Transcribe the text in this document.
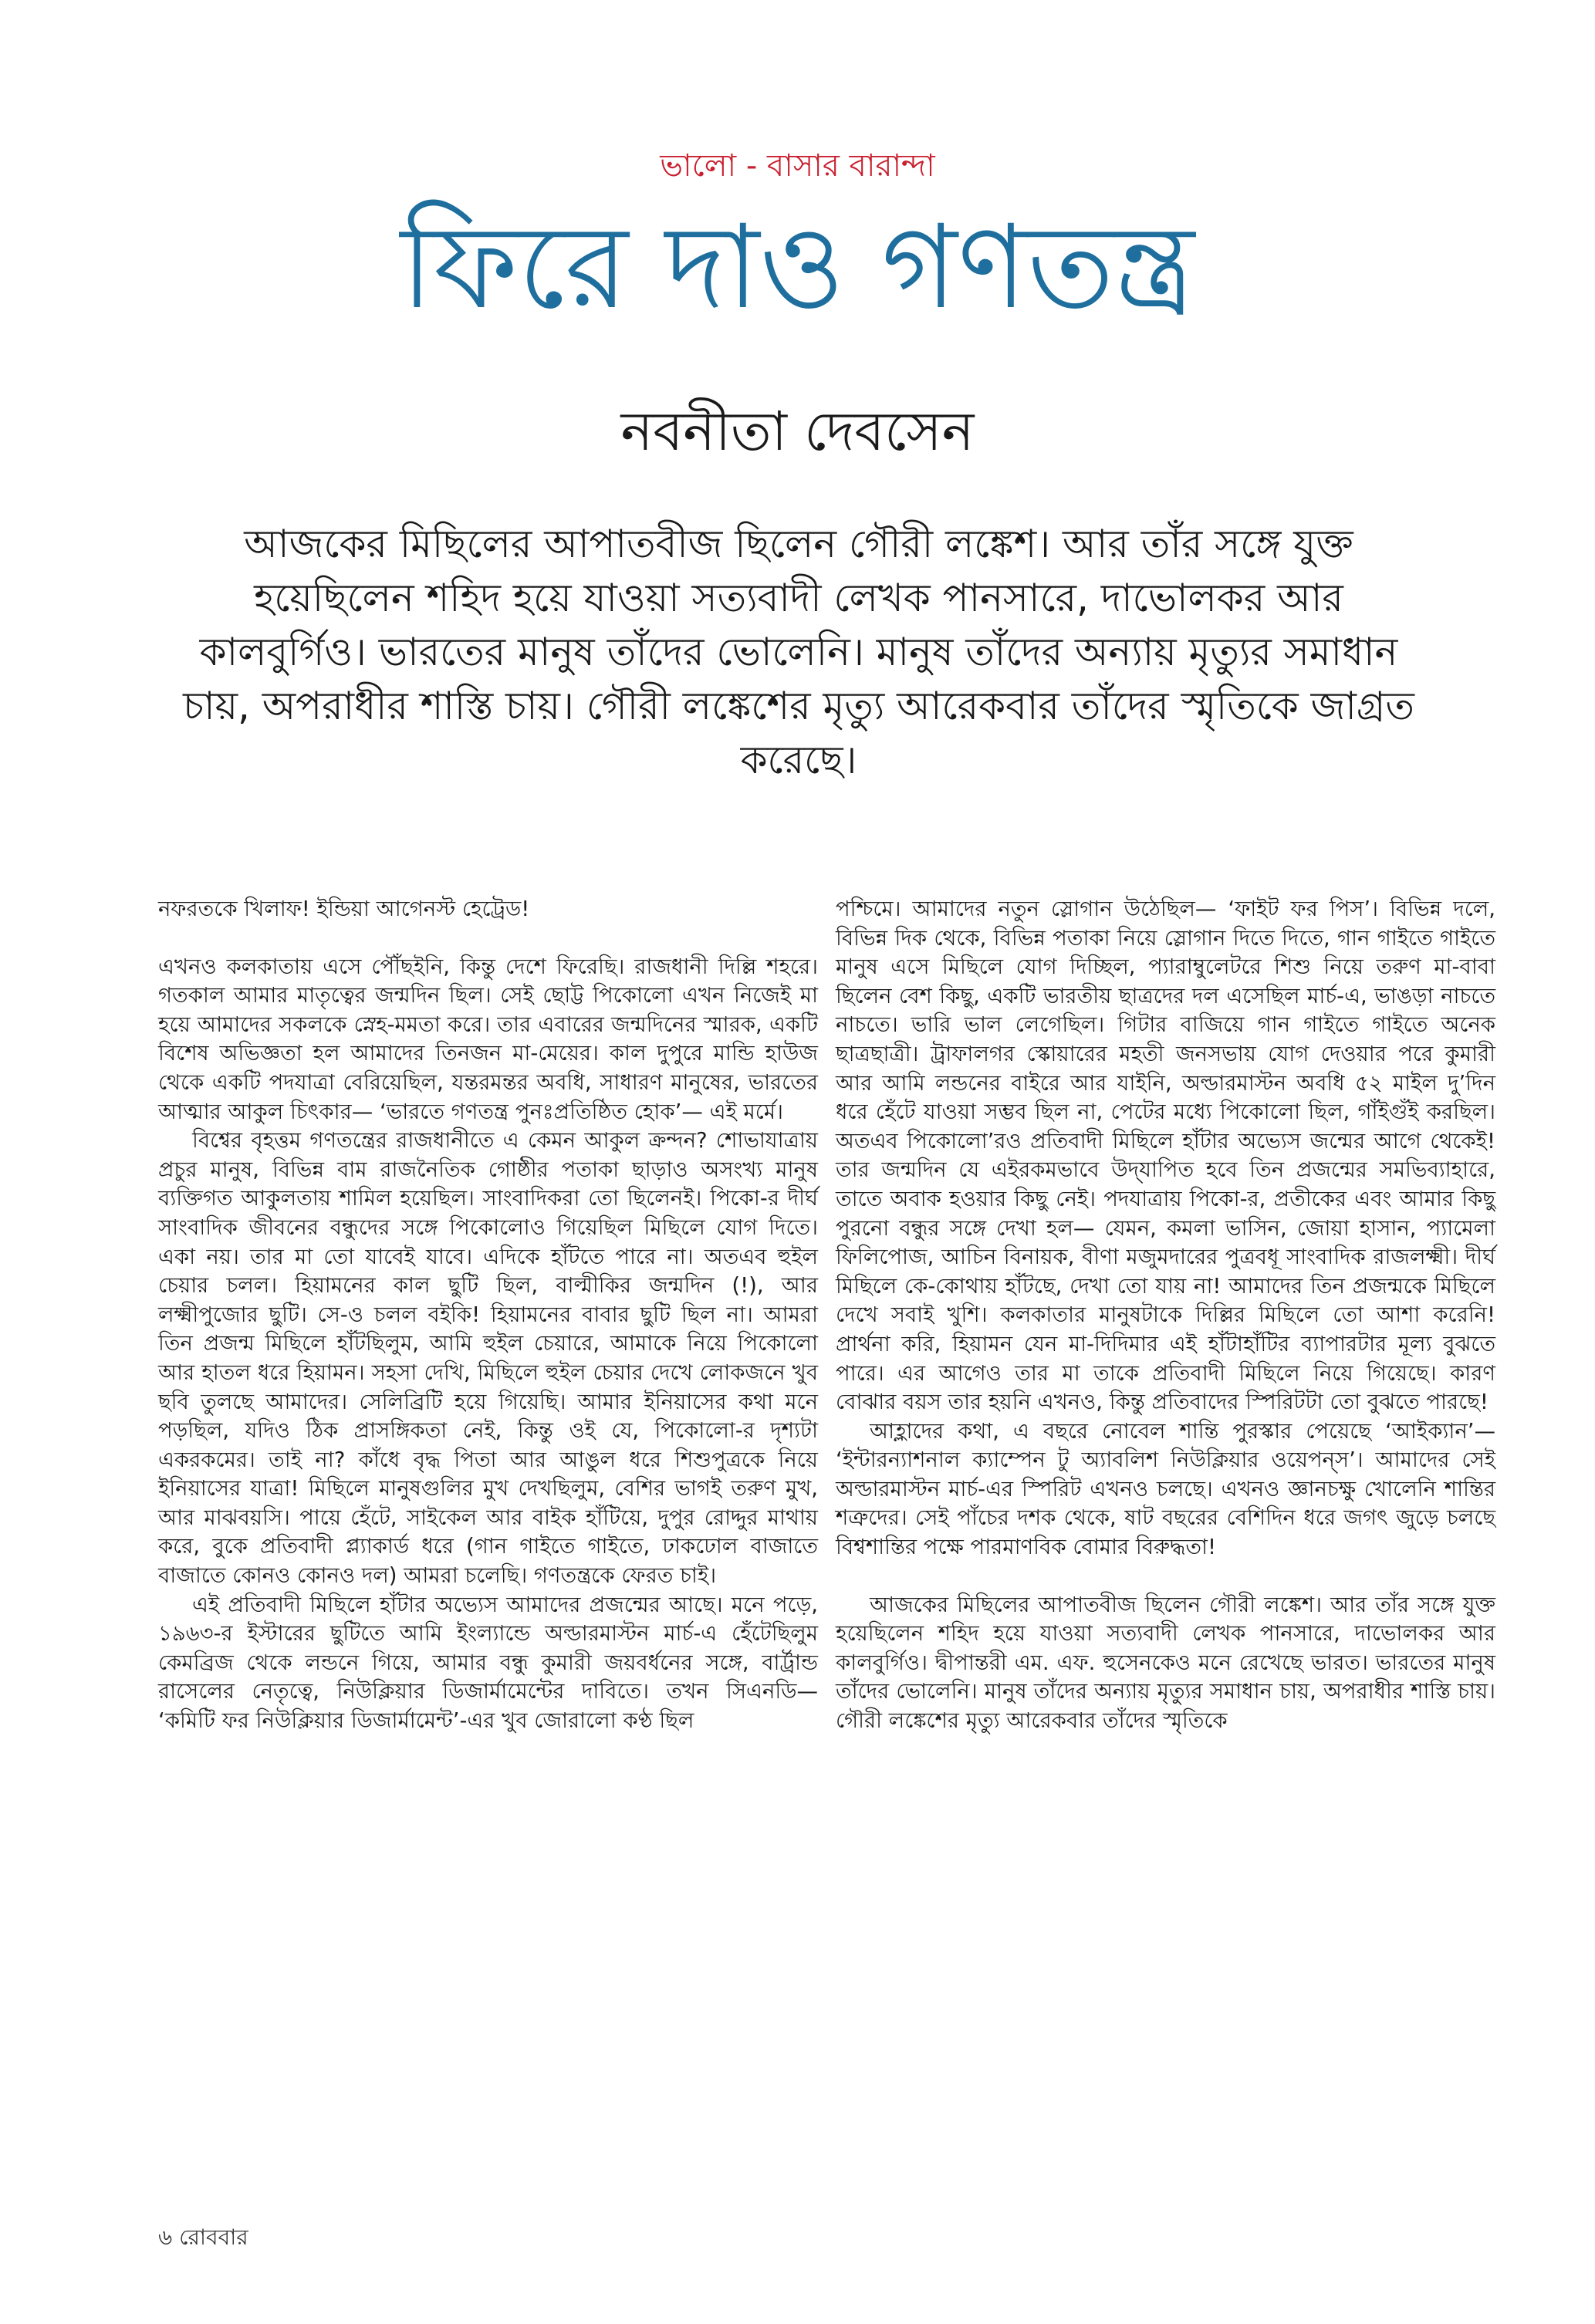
ভালো - বাসার বারান্দা
ফিরে দাও গণতন্ত্র
নবনীতা দেবসেন
আজকের মিছিলের আপাতবীজ ছিলেন গৌরী লঙ্কেশ। আর তাঁর সঙ্গে যুক্ত হয়েছিলেন শহিদ হয়ে যাওয়া সত্যবাদী লেখক পানসারে, দাভোলকর আর কালবুর্গিও। ভারতের মানুষ তাঁদের ভোলেনি। মানুষ তাঁদের অন্যায় মৃত্যুর সমাধান চায়, অপরাধীর শাস্তি চায়। গৌরী লঙ্কেশের মৃত্যু আরেকবার তাঁদের স্মৃতিকে জাগ্রত করেছে।

নফরতকে খিলাফ! ইন্ডিয়া আগেনস্ট হেট্রেড!

এখনও কলকাতায় এসে পৌঁছইনি, কিন্তু দেশে ফিরেছি। রাজধানী দিল্লি শহরে। গতকাল আমার মাতৃত্বের জন্মদিন ছিল। সেই ছোট্ট পিকোলো এখন নিজেই মা হয়ে আমাদের সকলকে স্নেহ-মমতা করে। তার এবারের জন্মদিনের স্মারক, একটি বিশেষ অভিজ্ঞতা হল আমাদের তিনজন মা-মেয়ের। কাল দুপুরে মান্ডি হাউজ থেকে একটি পদযাত্রা বেরিয়েছিল, যন্তরমন্তর অবধি, সাধারণ মানুষের, ভারতের আত্মার আকুল চিৎকার— ‘ভারতে গণতন্ত্র পুনঃপ্রতিষ্ঠিত হোক’— এই মর্মে।

বিশ্বের বৃহত্তম গণতন্ত্রের রাজধানীতে এ কেমন আকুল ক্রন্দন? শোভাযাত্রায় প্রচুর মানুষ, বিভিন্ন বাম রাজনৈতিক গোষ্ঠীর পতাকা ছাড়াও অসংখ্য মানুষ ব্যক্তিগত আকুলতায় শামিল হয়েছিল। সাংবাদিকরা তো ছিলেনই। পিকো-র দীর্ঘ সাংবাদিক জীবনের বন্ধুদের সঙ্গে পিকোলোও গিয়েছিল মিছিলে যোগ দিতে। একা নয়। তার মা তো যাবেই যাবে। এদিকে হাঁটতে পারে না। অতএব হুইল চেয়ার চলল। হিয়ামনের কাল ছুটি ছিল, বাল্মীকির জন্মদিন (!), আর লক্ষ্মীপুজোর ছুটি। সে-ও চলল বইকি! হিয়ামনের বাবার ছুটি ছিল না। আমরা তিন প্রজন্ম মিছিলে হাঁটছিলুম, আমি হুইল চেয়ারে, আমাকে নিয়ে পিকোলো আর হাতল ধরে হিয়ামন। সহসা দেখি, মিছিলে হুইল চেয়ার দেখে লোকজনে খুব ছবি তুলছে আমাদের। সেলিব্রিটি হয়ে গিয়েছি। আমার ইনিয়াসের কথা মনে পড়ছিল, যদিও ঠিক প্রাসঙ্গিকতা নেই, কিন্তু ওই যে, পিকোলো-র দৃশ্যটা একরকমের। তাই না? কাঁধে বৃদ্ধ পিতা আর আঙুল ধরে শিশুপুত্রকে নিয়ে ইনিয়াসের যাত্রা! মিছিলে মানুষগুলির মুখ দেখছিলুম, বেশির ভাগই তরুণ মুখ, আর মাঝবয়সি। পায়ে হেঁটে, সাইকেল আর বাইক হাঁটিয়ে, দুপুর রোদ্দুর মাথায় করে, বুকে প্রতিবাদী প্ল্যাকার্ড ধরে (গান গাইতে গাইতে, ঢাকঢোল বাজাতে বাজাতে কোনও কোনও দল) আমরা চলেছি। গণতন্ত্রকে ফেরত চাই।

এই প্রতিবাদী মিছিলে হাঁটার অভ্যেস আমাদের প্রজন্মের আছে। মনে পড়ে, ১৯৬৩-র ইস্টারের ছুটিতে আমি ইংল্যান্ডে অল্ডারমাস্টন মার্চ-এ হেঁটেছিলুম কেমব্রিজ থেকে লন্ডনে গিয়ে, আমার বন্ধু কুমারী জয়বর্ধনের সঙ্গে, বার্ট্রান্ড রাসেলের নেতৃত্বে, নিউক্লিয়ার ডিজার্মামেন্টের দাবিতে। তখন সিএনডি— ‘কমিটি ফর নিউক্লিয়ার ডিজার্মামেন্ট’-এর খুব জোরালো কণ্ঠ ছিল

পশ্চিমে। আমাদের নতুন স্লোগান উঠেছিল— ‘ফাইট ফর পিস’। বিভিন্ন দলে, বিভিন্ন দিক থেকে, বিভিন্ন পতাকা নিয়ে স্লোগান দিতে দিতে, গান গাইতে গাইতে মানুষ এসে মিছিলে যোগ দিচ্ছিল, প্যারাম্বুলেটরে শিশু নিয়ে তরুণ মা-বাবা ছিলেন বেশ কিছু, একটি ভারতীয় ছাত্রদের দল এসেছিল মার্চ-এ, ভাঙড়া নাচতে নাচতে। ভারি ভাল লেগেছিল। গিটার বাজিয়ে গান গাইতে গাইতে অনেক ছাত্রছাত্রী। ট্রাফালগর স্কোয়ারের মহতী জনসভায় যোগ দেওয়ার পরে কুমারী আর আমি লন্ডনের বাইরে আর যাইনি, অল্ডারমাস্টন অবধি ৫২ মাইল দু’দিন ধরে হেঁটে যাওয়া সম্ভব ছিল না, পেটের মধ্যে পিকোলো ছিল, গাঁইগুঁই করছিল। অতএব পিকোলো’রও প্রতিবাদী মিছিলে হাঁটার অভ্যেস জন্মের আগে থেকেই! তার জন্মদিন যে এইরকমভাবে উদ্‌যাপিত হবে তিন প্রজন্মের সমভিব্যাহারে, তাতে অবাক হওয়ার কিছু নেই। পদযাত্রায় পিকো-র, প্রতীকের এবং আমার কিছু পুরনো বন্ধুর সঙ্গে দেখা হল— যেমন, কমলা ভাসিন, জোয়া হাসান, প্যামেলা ফিলিপোজ, আচিন বিনায়ক, বীণা মজুমদারের পুত্রবধূ সাংবাদিক রাজলক্ষ্মী। দীর্ঘ মিছিলে কে-কোথায় হাঁটছে, দেখা তো যায় না! আমাদের তিন প্রজন্মকে মিছিলে দেখে সবাই খুশি। কলকাতার মানুষটাকে দিল্লির মিছিলে তো আশা করেনি! প্রার্থনা করি, হিয়ামন যেন মা-দিদিমার এই হাঁটাহাঁটির ব্যাপারটার মূল্য বুঝতে পারে। এর আগেও তার মা তাকে প্রতিবাদী মিছিলে নিয়ে গিয়েছে। কারণ বোঝার বয়স তার হয়নি এখনও, কিন্তু প্রতিবাদের স্পিরিটটা তো বুঝতে পারছে!

আহ্লাদের কথা, এ বছরে নোবেল শান্তি পুরস্কার পেয়েছে ‘আইক্যান’— ‘ইন্টারন্যাশনাল ক্যাম্পেন টু অ্যাবলিশ নিউক্লিয়ার ওয়েপন্‌স’। আমাদের সেই অল্ডারমাস্টন মার্চ-এর স্পিরিট এখনও চলছে। এখনও জ্ঞানচক্ষু খোলেনি শান্তির শত্রুদের। সেই পাঁচের দশক থেকে, ষাট বছরের বেশিদিন ধরে জগৎ জুড়ে চলছে বিশ্বশান্তির পক্ষে পারমাণবিক বোমার বিরুদ্ধতা!

আজকের মিছিলের আপাতবীজ ছিলেন গৌরী লঙ্কেশ। আর তাঁর সঙ্গে যুক্ত হয়েছিলেন শহিদ হয়ে যাওয়া সত্যবাদী লেখক পানসারে, দাভোলকর আর কালবুর্গিও। দ্বীপান্তরী এম. এফ. হুসেনকেও মনে রেখেছে ভারত। ভারতের মানুষ তাঁদের ভোলেনি। মানুষ তাঁদের অন্যায় মৃত্যুর সমাধান চায়, অপরাধীর শাস্তি চায়। গৌরী লঙ্কেশের মৃত্যু আরেকবার তাঁদের স্মৃতিকে

৬ রোববার
